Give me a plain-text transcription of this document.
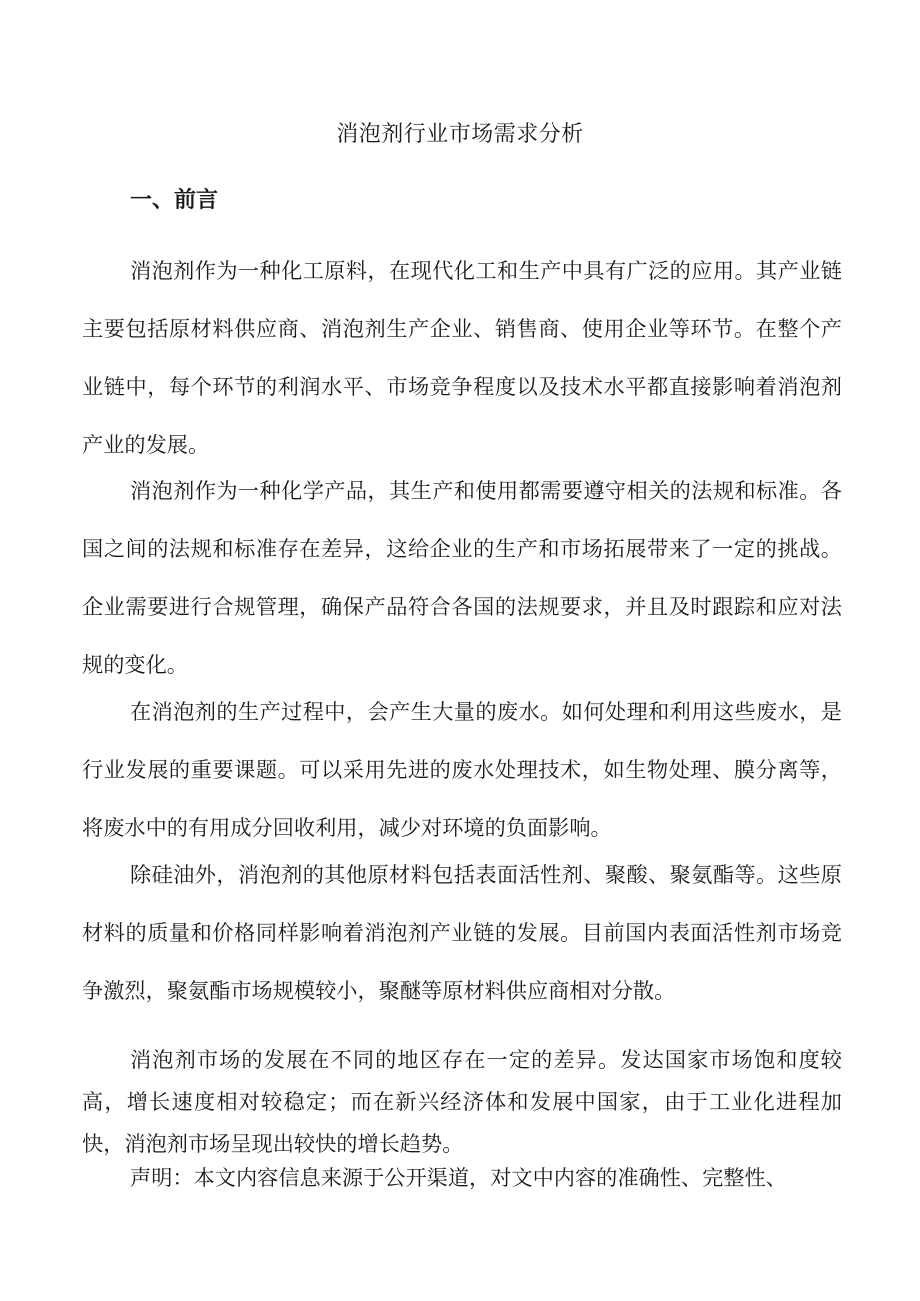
消泡剂行业市场需求分析
一、前言

消泡剂作为一种化工原料，在现代化工和生产中具有广泛的应用。其产业链主要包括原材料供应商、消泡剂生产企业、销售商、使用企业等环节。在整个产业链中，每个环节的利润水平、市场竞争程度以及技术水平都直接影响着消泡剂产业的发展。

消泡剂作为一种化学产品，其生产和使用都需要遵守相关的法规和标准。各国之间的法规和标准存在差异，这给企业的生产和市场拓展带来了一定的挑战。企业需要进行合规管理，确保产品符合各国的法规要求，并且及时跟踪和应对法规的变化。

在消泡剂的生产过程中，会产生大量的废水。如何处理和利用这些废水，是行业发展的重要课题。可以采用先进的废水处理技术，如生物处理、膜分离等，将废水中的有用成分回收利用，减少对环境的负面影响。

除硅油外，消泡剂的其他原材料包括表面活性剂、聚酸、聚氨酯等。这些原材料的质量和价格同样影响着消泡剂产业链的发展。目前国内表面活性剂市场竞争激烈，聚氨酯市场规模较小，聚醚等原材料供应商相对分散。

消泡剂市场的发展在不同的地区存在一定的差异。发达国家市场饱和度较高，增长速度相对较稳定；而在新兴经济体和发展中国家，由于工业化进程加快，消泡剂市场呈现出较快的增长趋势。

声明：本文内容信息来源于公开渠道，对文中内容的准确性、完整性、
